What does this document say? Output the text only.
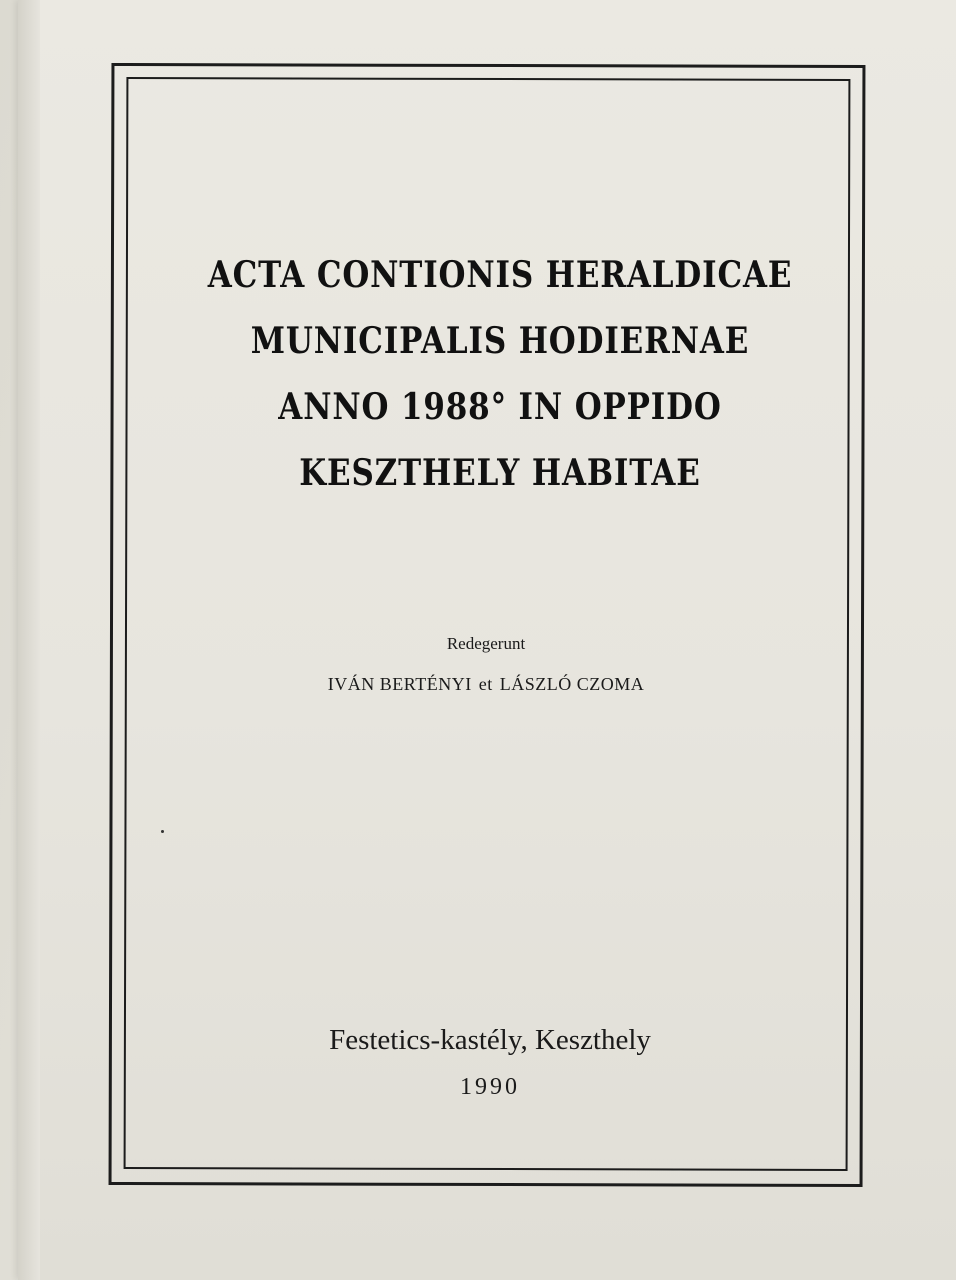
ACTA CONTIONIS HERALDICAE
MUNICIPALIS HODIERNAE
ANNO 1988° IN OPPIDO
KESZTHELY HABITAE
Redegerunt
IVÁN BERTÉNYI et LÁSZLÓ CZOMA
Festetics-kastély, Keszthely
1990
